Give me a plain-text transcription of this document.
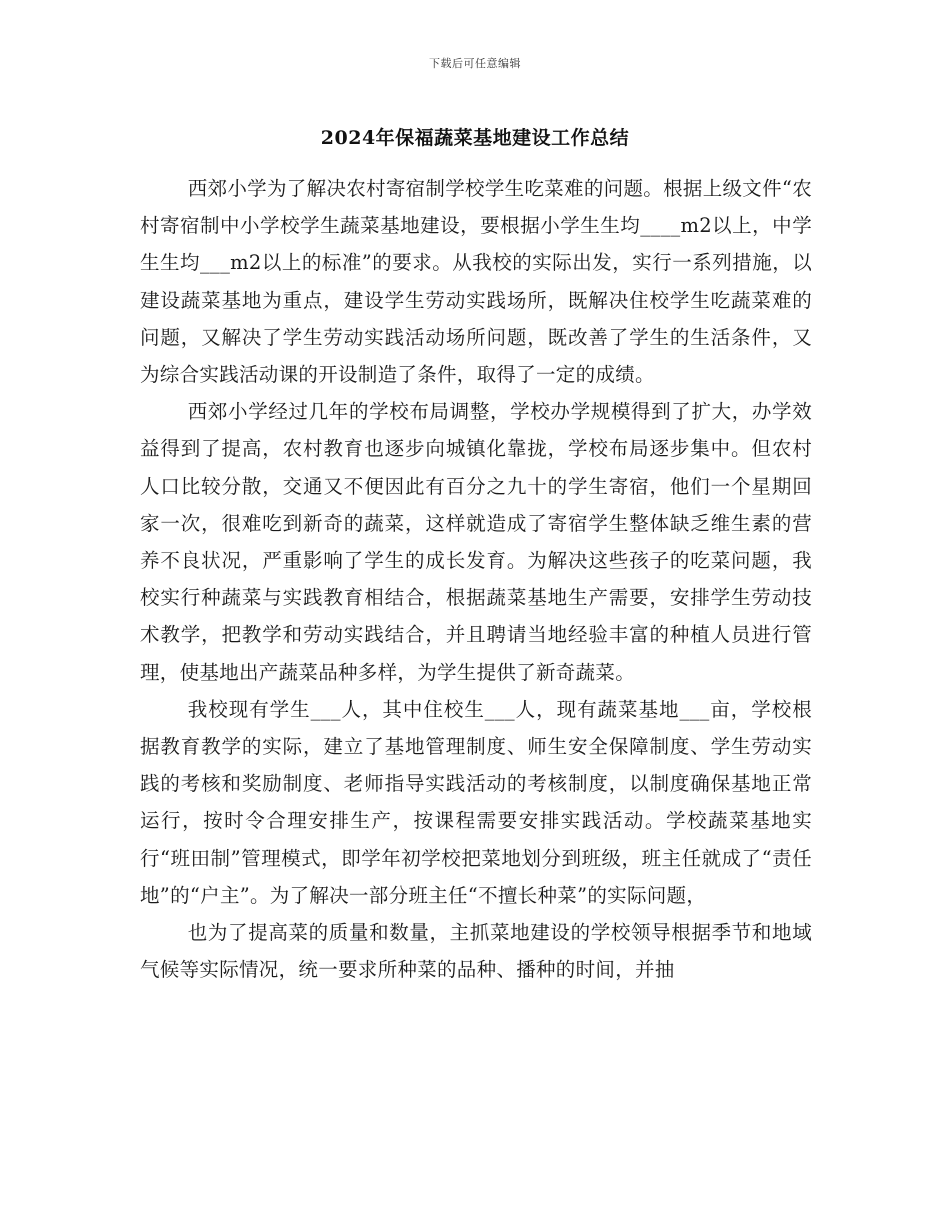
下载后可任意编辑
2024年保福蔬菜基地建设工作总结

西郊小学为了解决农村寄宿制学校学生吃菜难的问题。根据上级文件“农村寄宿制中小学校学生蔬菜基地建设，要根据小学生生均____m2以上，中学生生均___m2以上的标准”的要求。从我校的实际出发，实行一系列措施，以建设蔬菜基地为重点，建设学生劳动实践场所，既解决住校学生吃蔬菜难的问题，又解决了学生劳动实践活动场所问题，既改善了学生的生活条件，又为综合实践活动课的开设制造了条件，取得了一定的成绩。

西郊小学经过几年的学校布局调整，学校办学规模得到了扩大，办学效益得到了提高，农村教育也逐步向城镇化靠拢，学校布局逐步集中。但农村人口比较分散，交通又不便因此有百分之九十的学生寄宿，他们一个星期回家一次，很难吃到新奇的蔬菜，这样就造成了寄宿学生整体缺乏维生素的营养不良状况，严重影响了学生的成长发育。为解决这些孩子的吃菜问题，我校实行种蔬菜与实践教育相结合，根据蔬菜基地生产需要，安排学生劳动技术教学，把教学和劳动实践结合，并且聘请当地经验丰富的种植人员进行管理，使基地出产蔬菜品种多样，为学生提供了新奇蔬菜。

我校现有学生___人，其中住校生___人，现有蔬菜基地___亩，学校根据教育教学的实际，建立了基地管理制度、师生安全保障制度、学生劳动实践的考核和奖励制度、老师指导实践活动的考核制度，以制度确保基地正常运行，按时令合理安排生产，按课程需要安排实践活动。学校蔬菜基地实行“班田制”管理模式，即学年初学校把菜地划分到班级，班主任就成了“责任地”的“户主”。为了解决一部分班主任“不擅长种菜”的实际问题，

也为了提高菜的质量和数量，主抓菜地建设的学校领导根据季节和地域气候等实际情况，统一要求所种菜的品种、播种的时间，并抽
